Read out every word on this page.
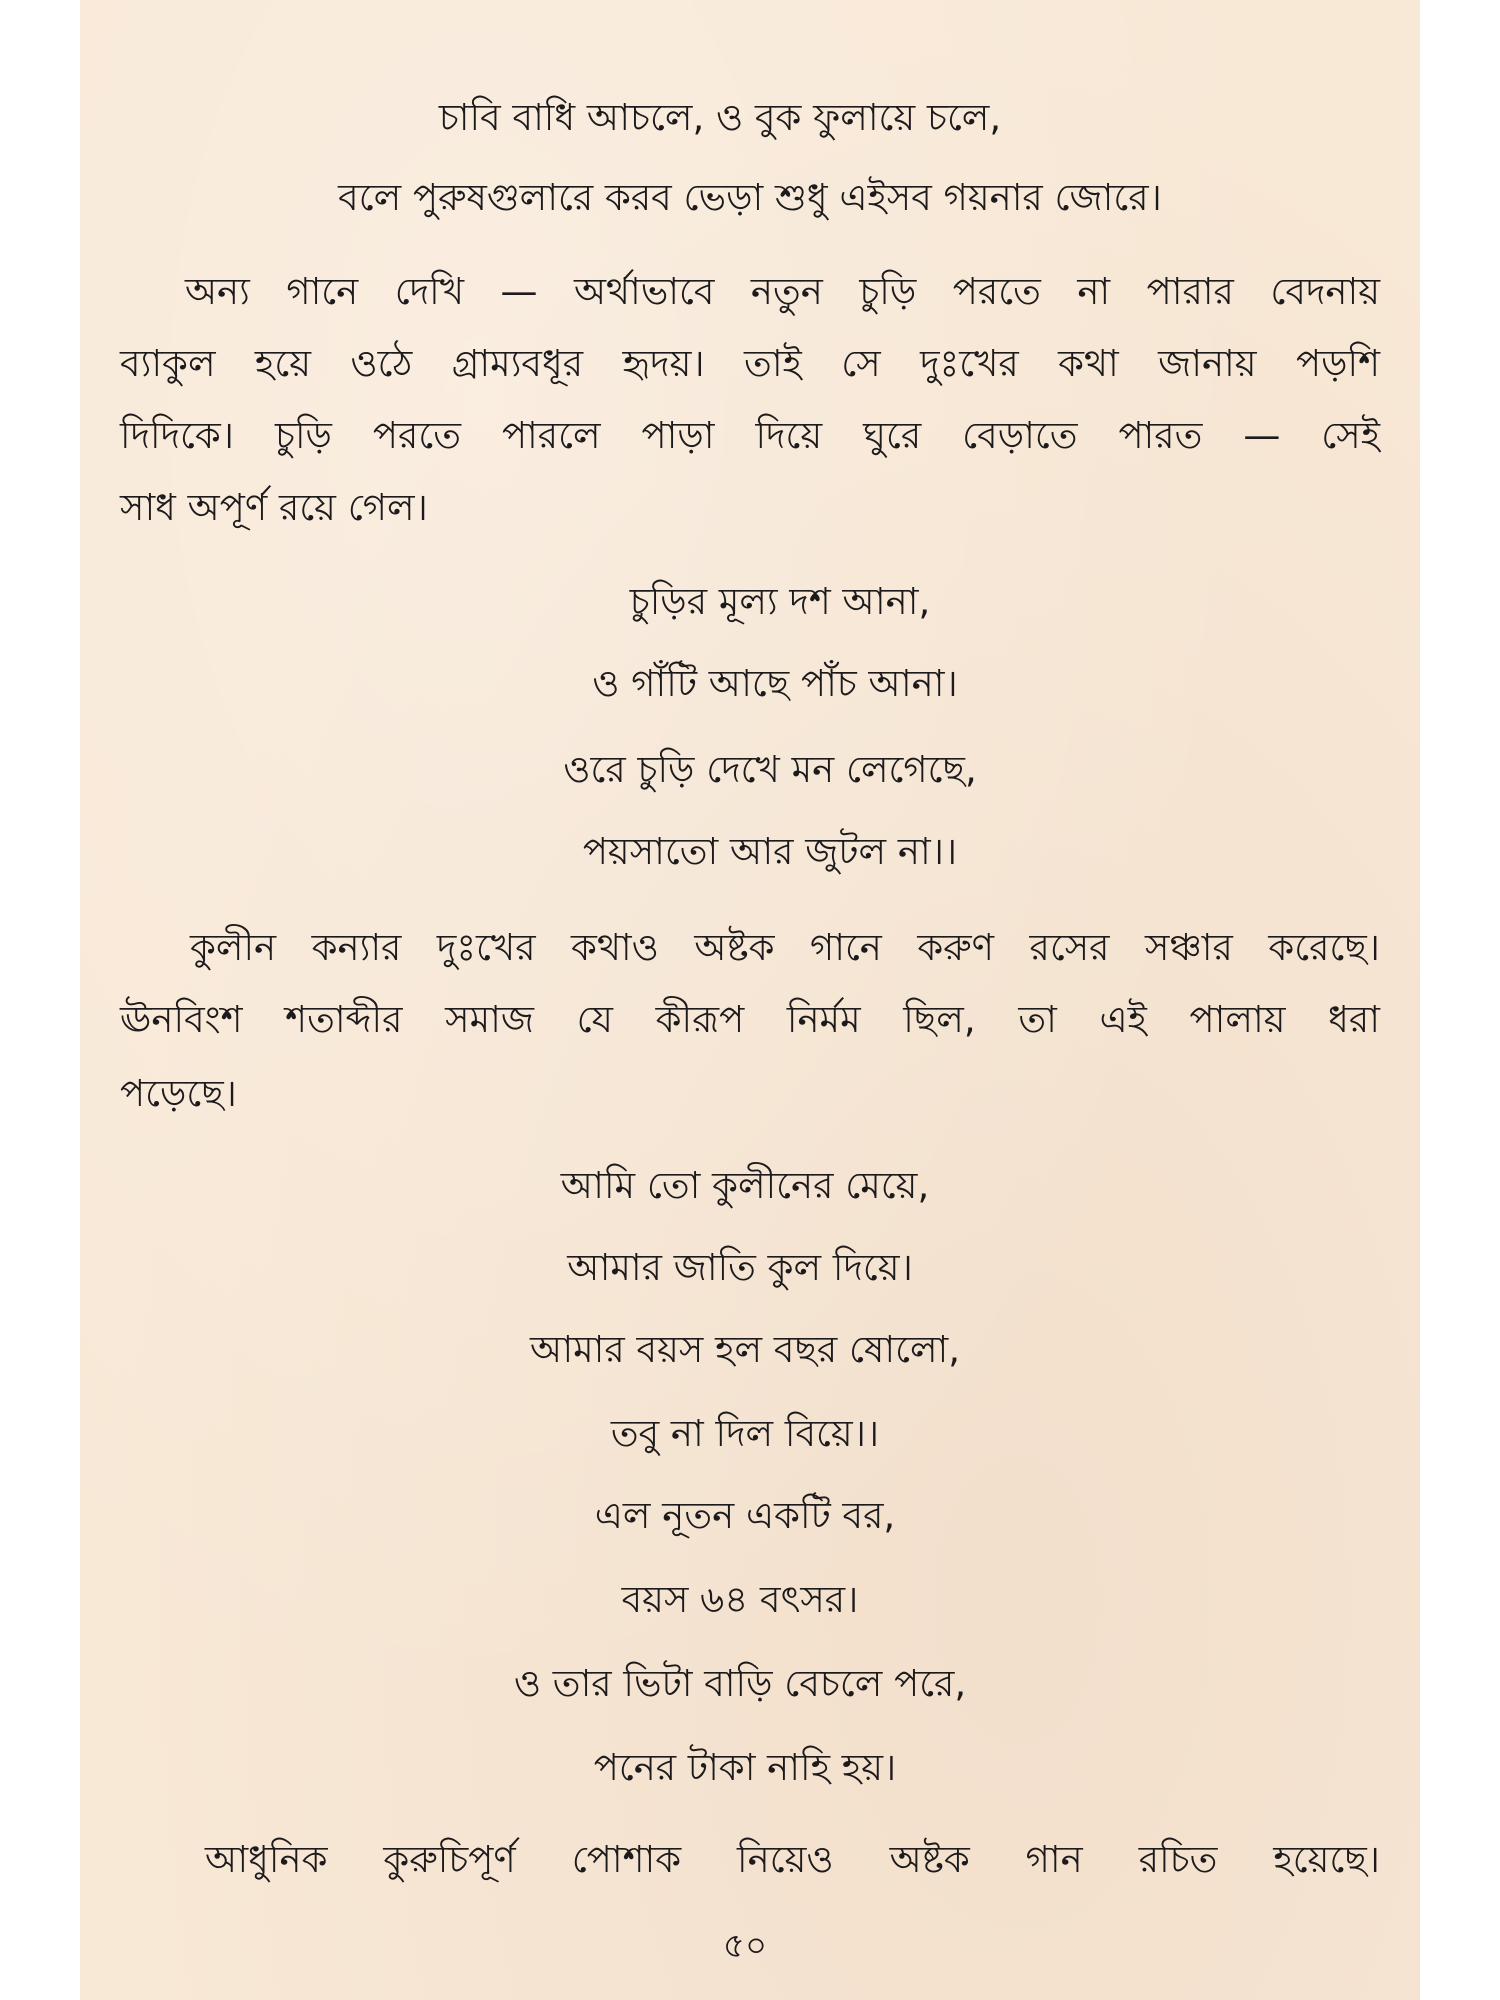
চাবি বাধি আচলে, ও বুক ফুলায়ে চলে,
বলে পুরুষগুলারে করব ভেড়া শুধু এইসব গয়নার জোরে।
অন্য গানে দেখি — অর্থাভাবে নতুন চুড়ি পরতে না পারার বেদনায়
ব্যাকুল হয়ে ওঠে গ্রাম্যবধূর হৃদয়। তাই সে দুঃখের কথা জানায় পড়শি
দিদিকে। চুড়ি পরতে পারলে পাড়া দিয়ে ঘুরে বেড়াতে পারত — সেই
সাধ অপূর্ণ রয়ে গেল।
চুড়ির মূল্য দশ আনা,
ও গাঁটি আছে পাঁচ আনা।
ওরে চুড়ি দেখে মন লেগেছে,
পয়সাতো আর জুটল না।।
কুলীন কন্যার দুঃখের কথাও অষ্টক গানে করুণ রসের সঞ্চার করেছে।
ঊনবিংশ শতাব্দীর সমাজ যে কীরূপ নির্মম ছিল, তা এই পালায় ধরা
পড়েছে।
আমি তো কুলীনের মেয়ে,
আমার জাতি কুল দিয়ে।
আমার বয়স হল বছর ষোলো,
তবু না দিল বিয়ে।।
এল নূতন একটি বর,
বয়স ৬৪ বৎসর।
ও তার ভিটা বাড়ি বেচলে পরে,
পনের টাকা নাহি হয়।
আধুনিক কুরুচিপূর্ণ পোশাক নিয়েও অষ্টক গান রচিত হয়েছে।
৫০
